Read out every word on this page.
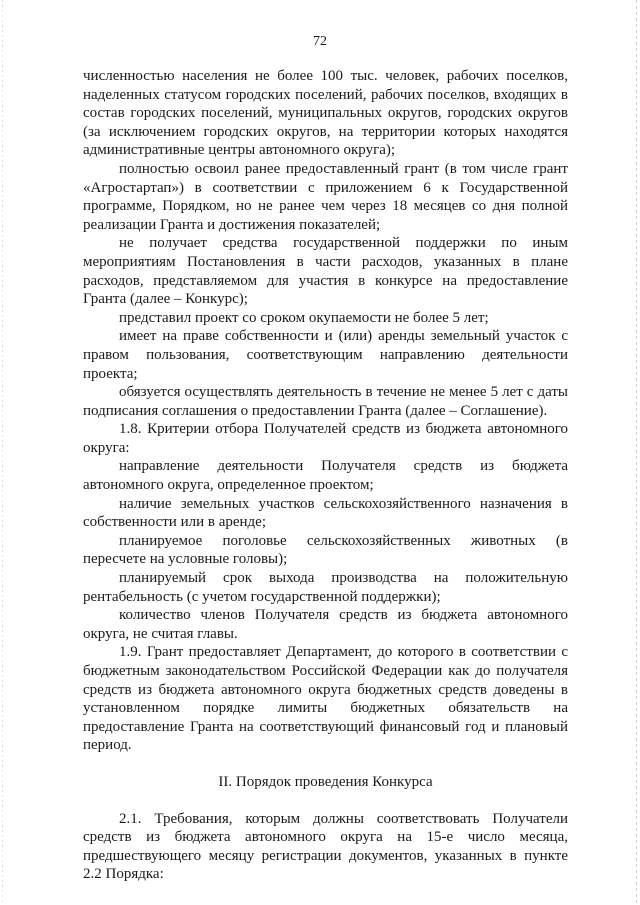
72

численностью населения не более 100 тыс. человек, рабочих поселков, наделенных статусом городских поселений, рабочих поселков, входящих в состав городских поселений, муниципальных округов, городских округов (за исключением городских округов, на территории которых находятся административные центры автономного округа);

полностью освоил ранее предоставленный грант (в том числе грант «Агростартап») в соответствии с приложением 6 к Государственной программе, Порядком, но не ранее чем через 18 месяцев со дня полной реализации Гранта и достижения показателей;

не получает средства государственной поддержки по иным мероприятиям Постановления в части расходов, указанных в плане расходов, представляемом для участия в конкурсе на предоставление Гранта (далее – Конкурс);

представил проект со сроком окупаемости не более 5 лет;

имеет на праве собственности и (или) аренды земельный участок с правом пользования, соответствующим направлению деятельности проекта;

обязуется осуществлять деятельность в течение не менее 5 лет с даты подписания соглашения о предоставлении Гранта (далее – Соглашение).

1.8. Критерии отбора Получателей средств из бюджета автономного округа:

направление деятельности Получателя средств из бюджета автономного округа, определенное проектом;

наличие земельных участков сельскохозяйственного назначения в собственности или в аренде;

планируемое поголовье сельскохозяйственных животных (в пересчете на условные головы);

планируемый срок выхода производства на положительную рентабельность (с учетом государственной поддержки);

количество членов Получателя средств из бюджета автономного округа, не считая главы.

1.9. Грант предоставляет Департамент, до которого в соответствии с бюджетным законодательством Российской Федерации как до получателя средств из бюджета автономного округа бюджетных средств доведены в установленном порядке лимиты бюджетных обязательств на предоставление Гранта на соответствующий финансовый год и плановый период.

II. Порядок проведения Конкурса

2.1. Требования, которым должны соответствовать Получатели средств из бюджета автономного округа на 15-е число месяца, предшествующего месяцу регистрации документов, указанных в пункте 2.2 Порядка:
